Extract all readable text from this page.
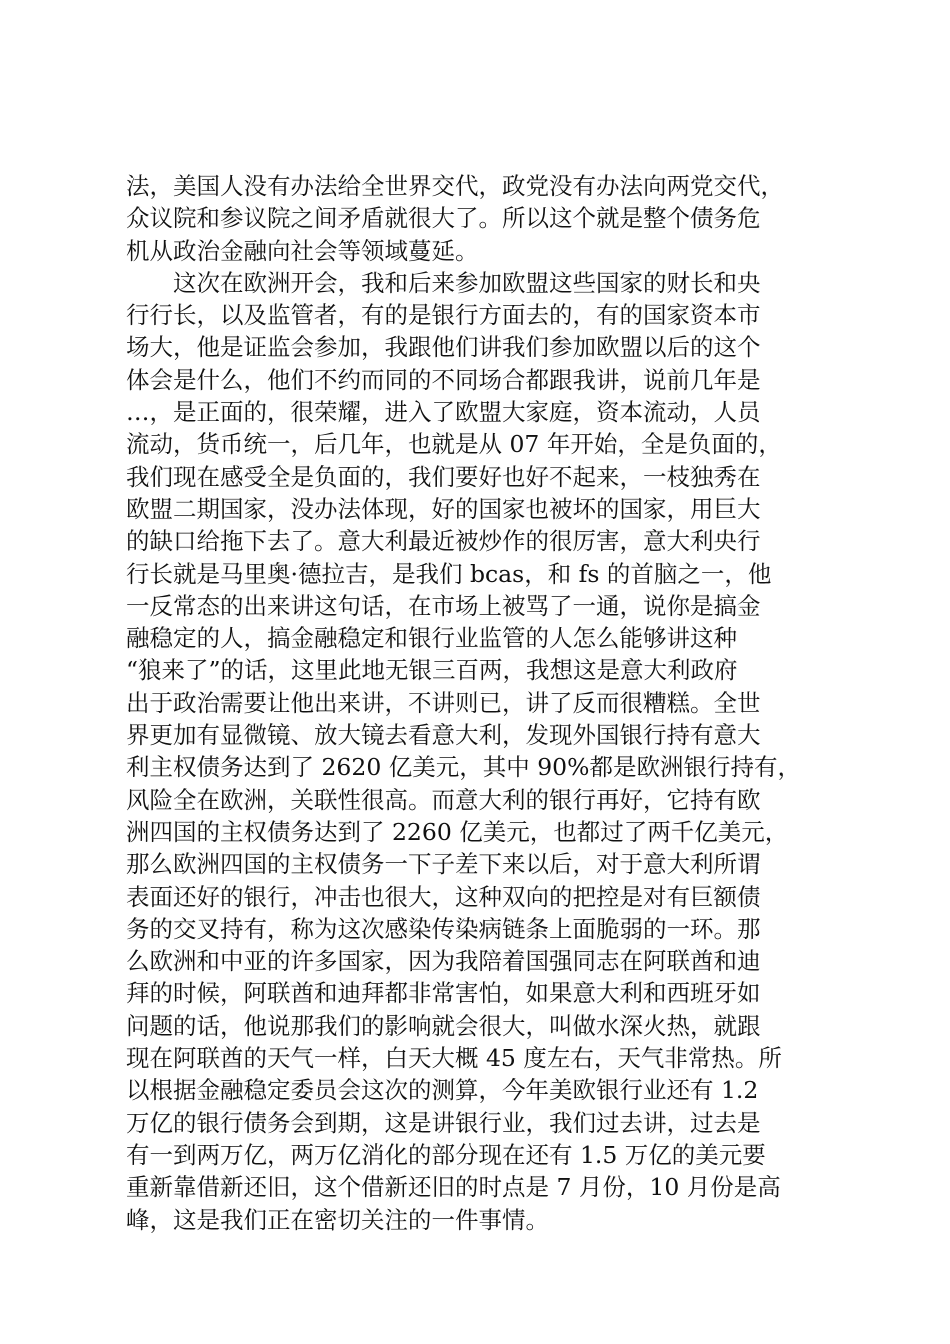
法，美国人没有办法给全世界交代，政党没有办法向两党交代，
众议院和参议院之间矛盾就很大了。所以这个就是整个债务危
机从政治金融向社会等领域蔓延。
这次在欧洲开会，我和后来参加欧盟这些国家的财长和央
行行长，以及监管者，有的是银行方面去的，有的国家资本市
场大，他是证监会参加，我跟他们讲我们参加欧盟以后的这个
体会是什么，他们不约而同的不同场合都跟我讲，说前几年是
…，是正面的，很荣耀，进入了欧盟大家庭，资本流动，人员
流动，货币统一，后几年，也就是从 07 年开始，全是负面的，
我们现在感受全是负面的，我们要好也好不起来，一枝独秀在
欧盟二期国家，没办法体现，好的国家也被坏的国家，用巨大
的缺口给拖下去了。意大利最近被炒作的很厉害，意大利央行
行长就是马里奥·德拉吉，是我们 bcas，和 fs 的首脑之一，他
一反常态的出来讲这句话，在市场上被骂了一通，说你是搞金
融稳定的人，搞金融稳定和银行业监管的人怎么能够讲这种
“狼来了”的话，这里此地无银三百两，我想这是意大利政府
出于政治需要让他出来讲，不讲则已，讲了反而很糟糕。全世
界更加有显微镜、放大镜去看意大利，发现外国银行持有意大
利主权债务达到了 2620 亿美元，其中 90%都是欧洲银行持有，
风险全在欧洲，关联性很高。而意大利的银行再好，它持有欧
洲四国的主权债务达到了 2260 亿美元，也都过了两千亿美元，
那么欧洲四国的主权债务一下子差下来以后，对于意大利所谓
表面还好的银行，冲击也很大，这种双向的把控是对有巨额债
务的交叉持有，称为这次感染传染病链条上面脆弱的一环。那
么欧洲和中亚的许多国家，因为我陪着国强同志在阿联酋和迪
拜的时候，阿联酋和迪拜都非常害怕，如果意大利和西班牙如
问题的话，他说那我们的影响就会很大，叫做水深火热，就跟
现在阿联酋的天气一样，白天大概 45 度左右，天气非常热。所
以根据金融稳定委员会这次的测算，今年美欧银行业还有 1.2
万亿的银行债务会到期，这是讲银行业，我们过去讲，过去是
有一到两万亿，两万亿消化的部分现在还有 1.5 万亿的美元要
重新靠借新还旧，这个借新还旧的时点是 7 月份，10 月份是高
峰，这是我们正在密切关注的一件事情。
